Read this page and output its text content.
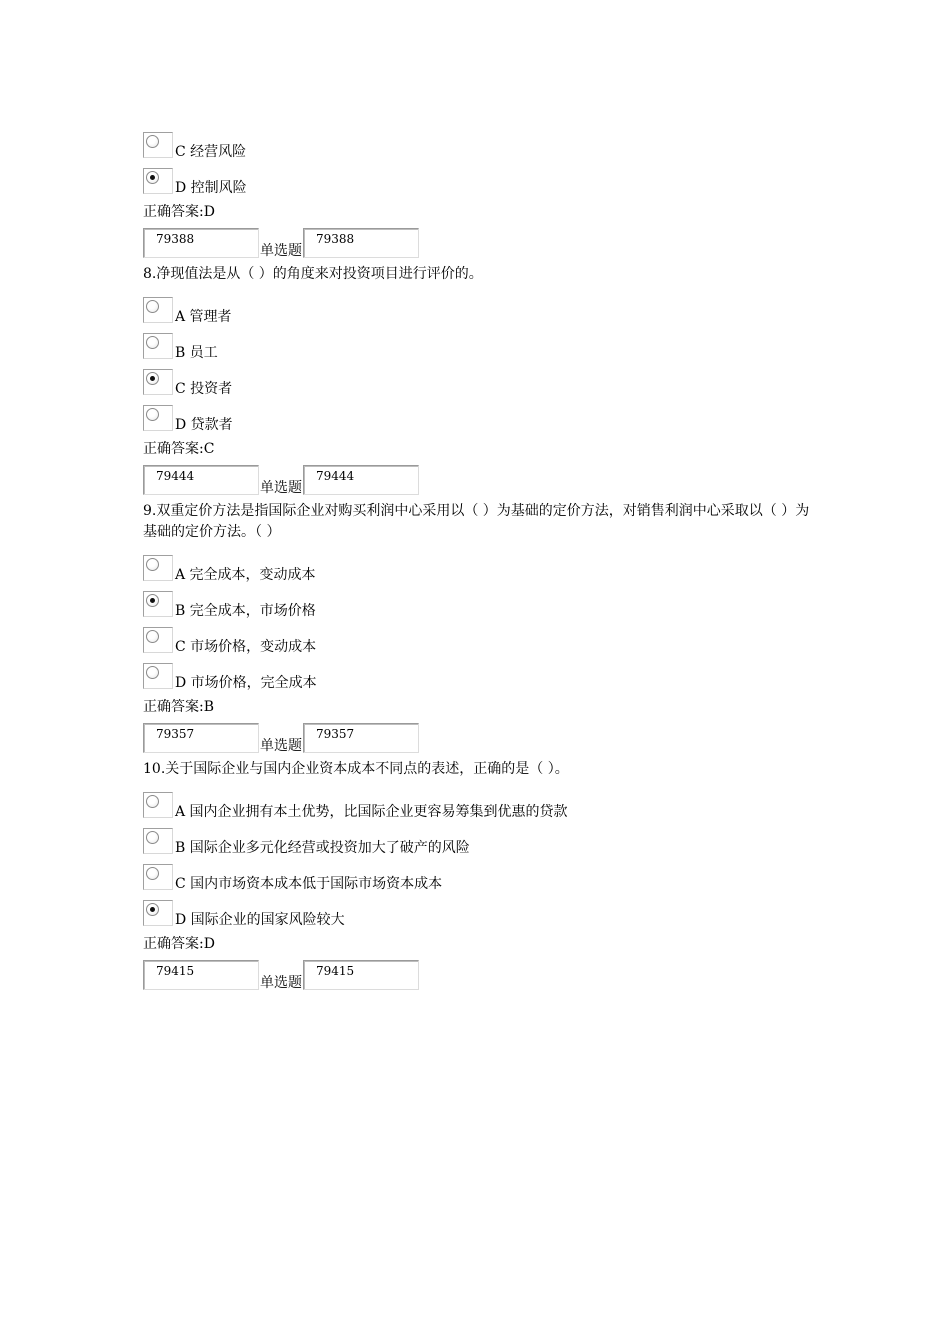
C 经营风险
D 控制风险
正确答案:D
79388
单选题
79388
8.净现值法是从（ ）的角度来对投资项目进行评价的。
A 管理者
B 员工
C 投资者
D 贷款者
正确答案:C
79444
单选题
79444
9.双重定价方法是指国际企业对购买利润中心采用以（ ）为基础的定价方法，对销售利润中心采取以（ ）为基础的定价方法。（ ）
A 完全成本，变动成本
B 完全成本，市场价格
C 市场价格，变动成本
D 市场价格，完全成本
正确答案:B
79357
单选题
79357
10.关于国际企业与国内企业资本成本不同点的表述，正确的是（ ）。
A 国内企业拥有本土优势，比国际企业更容易筹集到优惠的贷款
B 国际企业多元化经营或投资加大了破产的风险
C 国内市场资本成本低于国际市场资本成本
D 国际企业的国家风险较大
正确答案:D
79415
单选题
79415
